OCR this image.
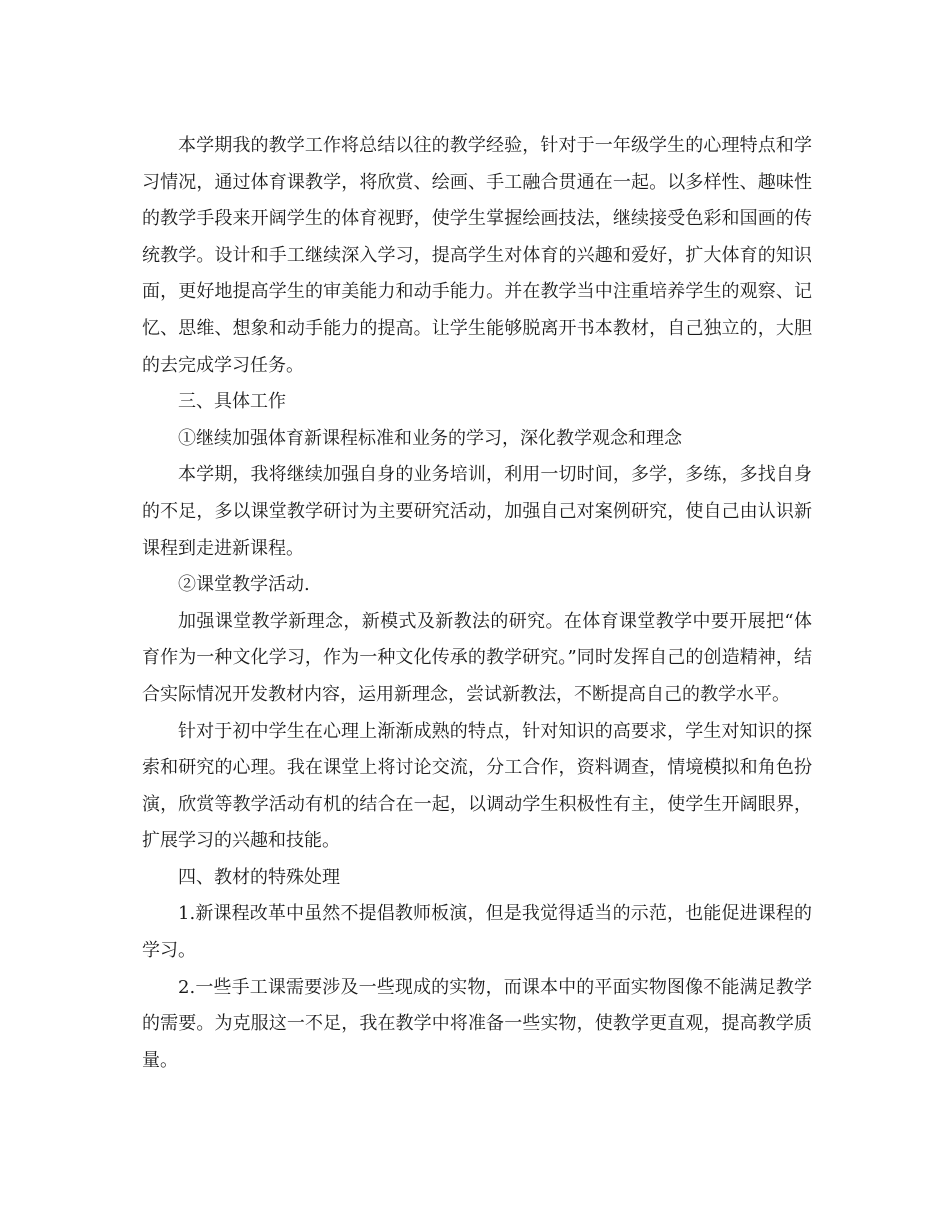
本学期我的教学工作将总结以往的教学经验，针对于一年级学生的心理特点和学习情况，通过体育课教学，将欣赏、绘画、手工融合贯通在一起。以多样性、趣味性的教学手段来开阔学生的体育视野，使学生掌握绘画技法，继续接受色彩和国画的传统教学。设计和手工继续深入学习，提高学生对体育的兴趣和爱好，扩大体育的知识面，更好地提高学生的审美能力和动手能力。并在教学当中注重培养学生的观察、记忆、思维、想象和动手能力的提高。让学生能够脱离开书本教材，自己独立的，大胆的去完成学习任务。

三、具体工作

①继续加强体育新课程标准和业务的学习，深化教学观念和理念

本学期，我将继续加强自身的业务培训，利用一切时间，多学，多练，多找自身的不足，多以课堂教学研讨为主要研究活动，加强自己对案例研究，使自己由认识新课程到走进新课程。

②课堂教学活动.

加强课堂教学新理念，新模式及新教法的研究。在体育课堂教学中要开展把“体育作为一种文化学习，作为一种文化传承的教学研究。”同时发挥自己的创造精神，结合实际情况开发教材内容，运用新理念，尝试新教法，不断提高自己的教学水平。

针对于初中学生在心理上渐渐成熟的特点，针对知识的高要求，学生对知识的探索和研究的心理。我在课堂上将讨论交流，分工合作，资料调查，情境模拟和角色扮演，欣赏等教学活动有机的结合在一起，以调动学生积极性有主，使学生开阔眼界，扩展学习的兴趣和技能。

四、教材的特殊处理

1.新课程改革中虽然不提倡教师板演，但是我觉得适当的示范，也能促进课程的学习。

2.一些手工课需要涉及一些现成的实物，而课本中的平面实物图像不能满足教学的需要。为克服这一不足，我在教学中将准备一些实物，使教学更直观，提高教学质量。
